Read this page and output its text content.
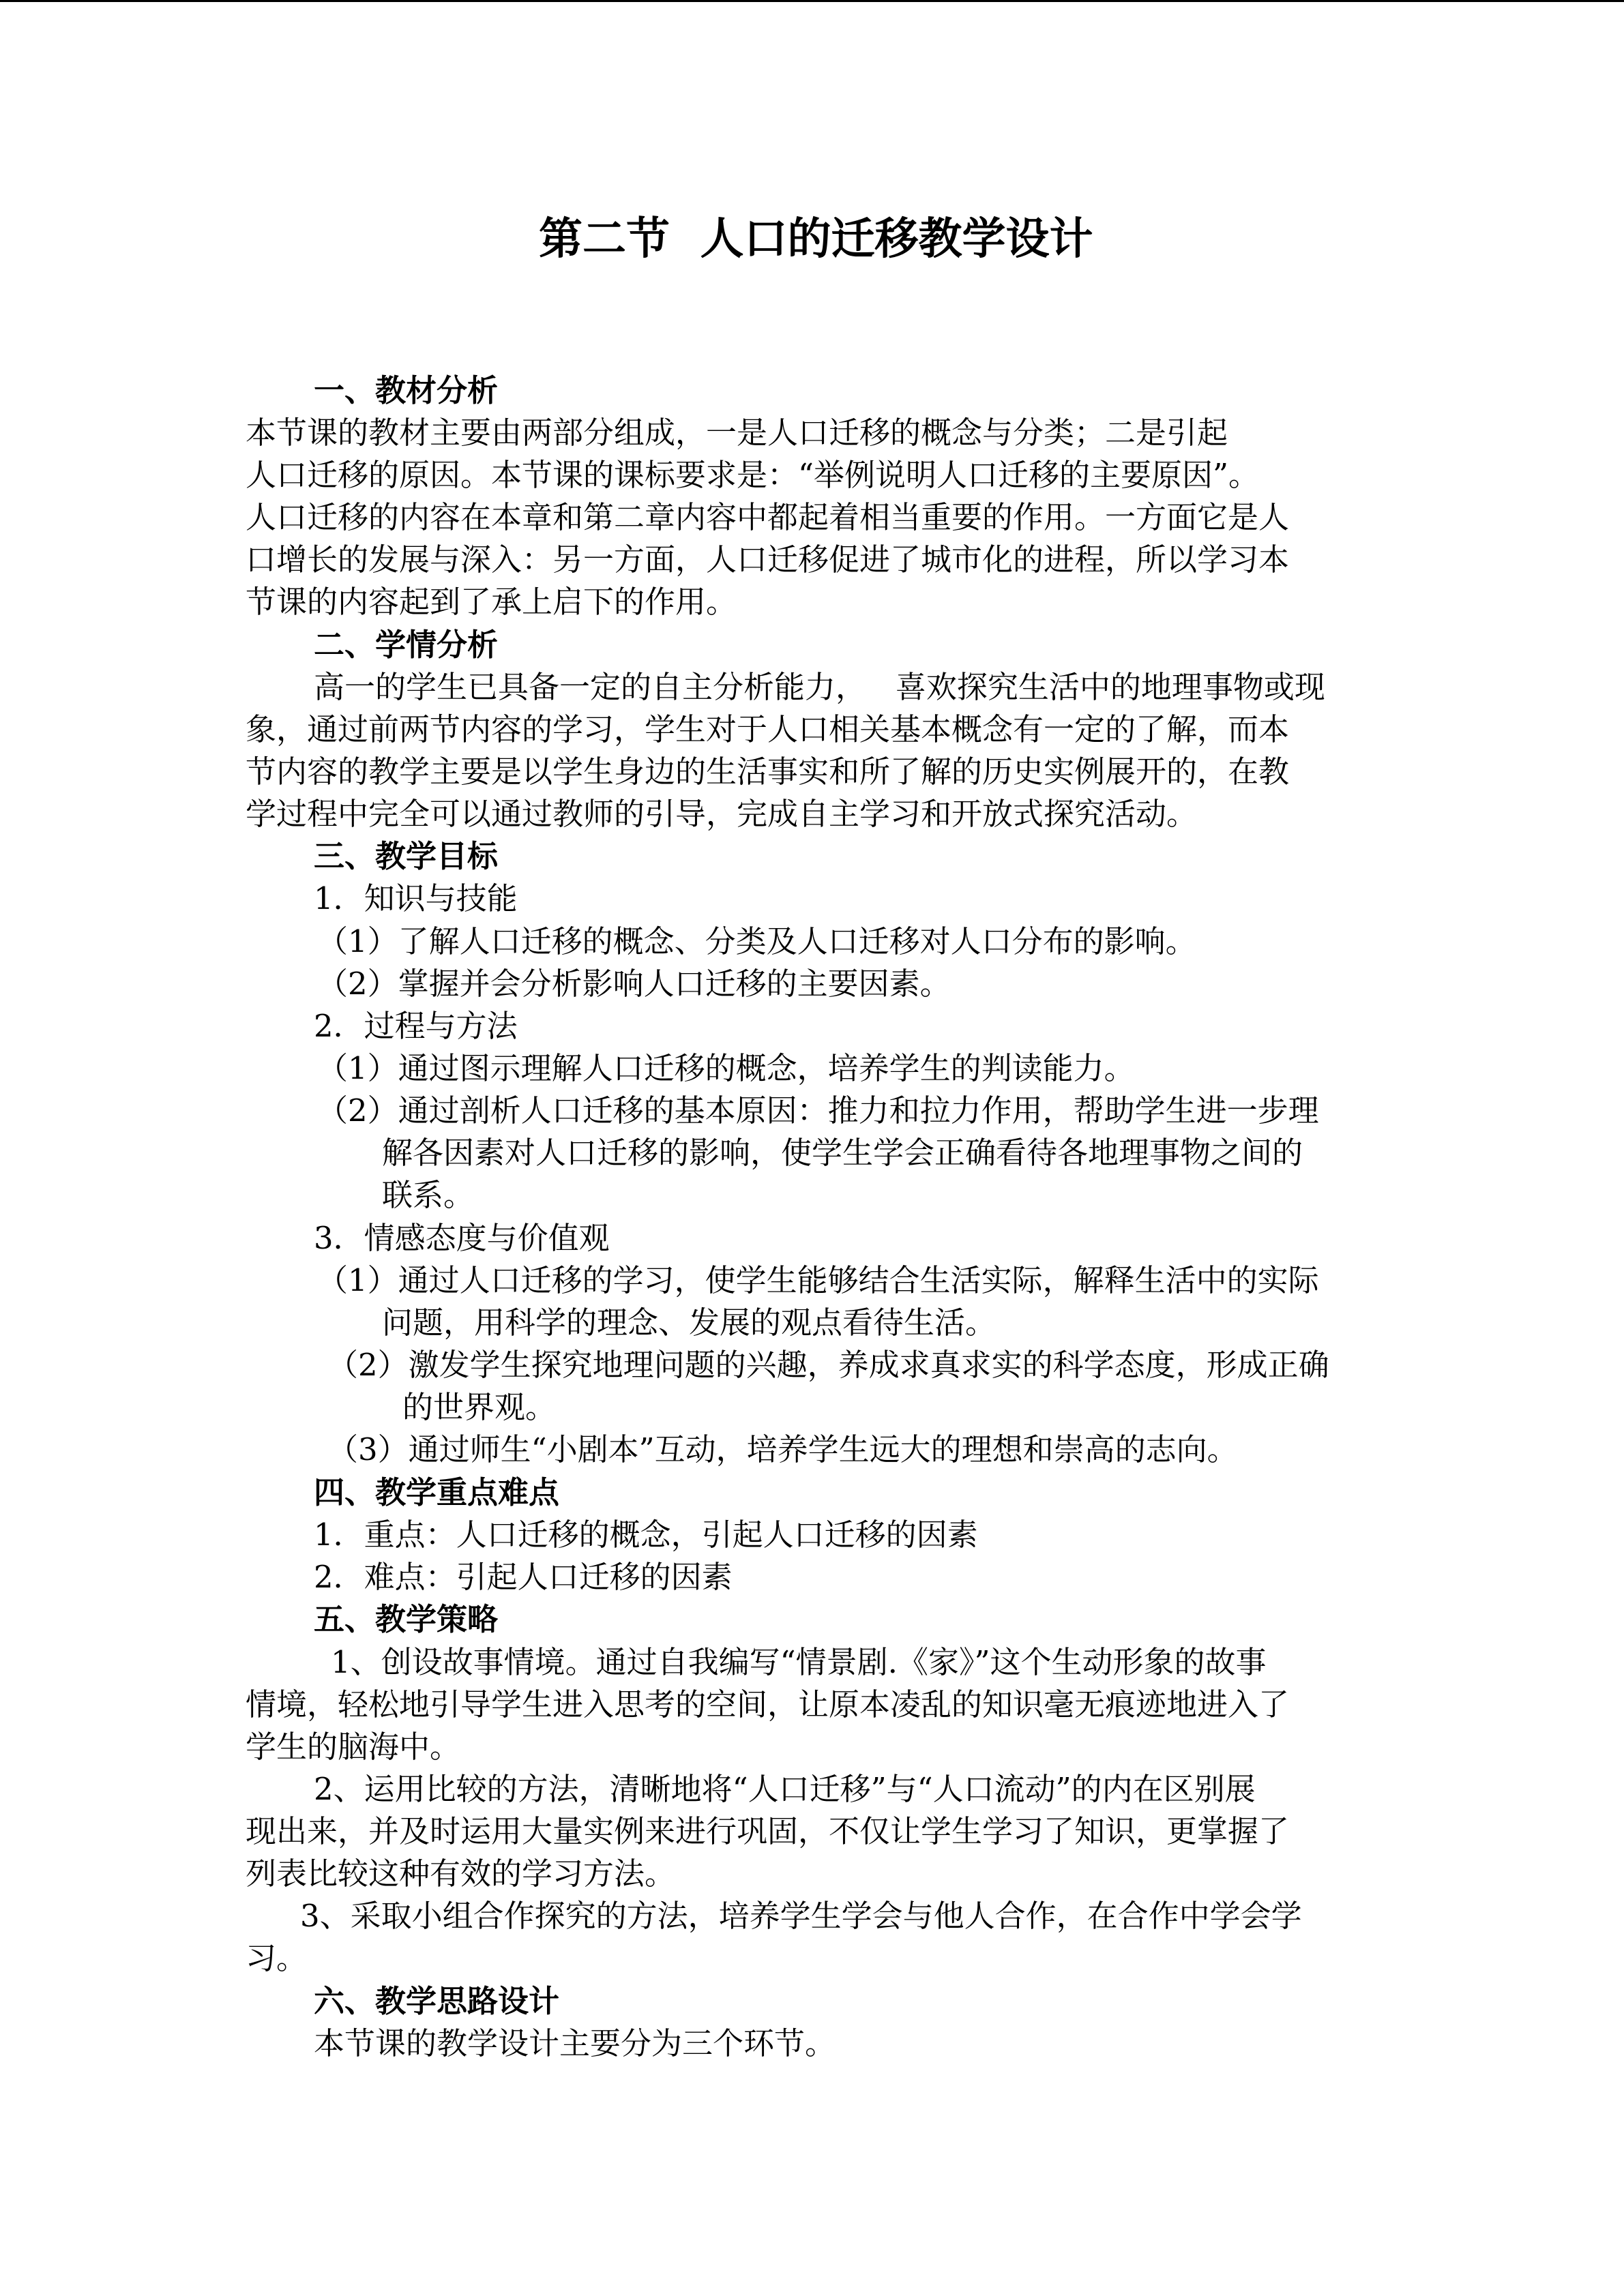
第二节  人口的迁移教学设计
一、教材分析
本节课的教材主要由两部分组成，一是人口迁移的概念与分类；二是引起
人口迁移的原因。本节课的课标要求是：“举例说明人口迁移的主要原因”。
人口迁移的内容在本章和第二章内容中都起着相当重要的作用。一方面它是人
口增长的发展与深入：另一方面，人口迁移促进了城市化的进程，所以学习本
节课的内容起到了承上启下的作用。
二、学情分析
高一的学生已具备一定的自主分析能力，   喜欢探究生活中的地理事物或现
象，通过前两节内容的学习，学生对于人口相关基本概念有一定的了解，而本
节内容的教学主要是以学生身边的生活事实和所了解的历史实例展开的，在教
学过程中完全可以通过教师的引导，完成自主学习和开放式探究活动。
三、教学目标
1．知识与技能
（1）了解人口迁移的概念、分类及人口迁移对人口分布的影响。
（2）掌握并会分析影响人口迁移的主要因素。
2．过程与方法
（1）通过图示理解人口迁移的概念，培养学生的判读能力。
（2）通过剖析人口迁移的基本原因：推力和拉力作用，帮助学生进一步理
解各因素对人口迁移的影响，使学生学会正确看待各地理事物之间的
联系。
3．情感态度与价值观
（1）通过人口迁移的学习，使学生能够结合生活实际，解释生活中的实际
问题，用科学的理念、发展的观点看待生活。
（2）激发学生探究地理问题的兴趣，养成求真求实的科学态度，形成正确
的世界观。
（3）通过师生“小剧本”互动，培养学生远大的理想和崇高的志向。
四、教学重点难点
1．重点：人口迁移的概念，引起人口迁移的因素
2．难点：引起人口迁移的因素
五、教学策略
1、创设故事情境。通过自我编写“情景剧.《家》”这个生动形象的故事
情境，轻松地引导学生进入思考的空间，让原本凌乱的知识毫无痕迹地进入了
学生的脑海中。
2、运用比较的方法，清晰地将“人口迁移”与“人口流动”的内在区别展
现出来，并及时运用大量实例来进行巩固，不仅让学生学习了知识，更掌握了
列表比较这种有效的学习方法。
3、采取小组合作探究的方法，培养学生学会与他人合作，在合作中学会学
习。
六、教学思路设计
本节课的教学设计主要分为三个环节。
